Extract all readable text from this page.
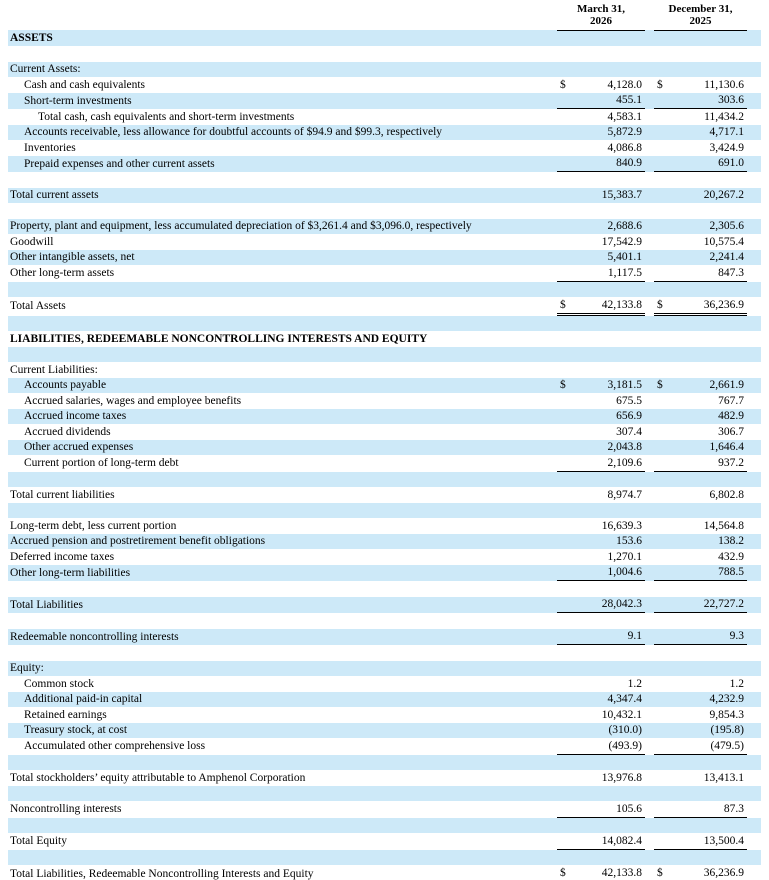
March 31,
2026

December 31,
2025

ASSETS				

Current Assets:				
Cash and cash equivalents	$ 4,128.0		$ 11,130.6	
Short-term investments	455.1		303.6	
Total cash, cash equivalents and short-term investments	4,583.1		11,434.2	
Accounts receivable, less allowance for doubtful accounts of $94.9 and $99.3, respectively	5,872.9		4,717.1	
Inventories	4,086.8		3,424.9	
Prepaid expenses and other current assets	840.9		691.0	

Total current assets	15,383.7		20,267.2	

Property, plant and equipment, less accumulated depreciation of $3,261.4 and $3,096.0, respectively	2,688.6		2,305.6	
Goodwill	17,542.9		10,575.4	
Other intangible assets, net	5,401.1		2,241.4	
Other long-term assets	1,117.5		847.3	

Total Assets	$ 42,133.8		$ 36,236.9	

LIABILITIES, REDEEMABLE NONCONTROLLING INTERESTS AND EQUITY				

Current Liabilities:				
Accounts payable	$ 3,181.5		$ 2,661.9	
Accrued salaries, wages and employee benefits	675.5		767.7	
Accrued income taxes	656.9		482.9	
Accrued dividends	307.4		306.7	
Other accrued expenses	2,043.8		1,646.4	
Current portion of long-term debt	2,109.6		937.2	

Total current liabilities	8,974.7		6,802.8	

Long-term debt, less current portion	16,639.3		14,564.8	
Accrued pension and postretirement benefit obligations	153.6		138.2	
Deferred income taxes	1,270.1		432.9	
Other long-term liabilities	1,004.6		788.5	

Total Liabilities	28,042.3		22,727.2	

Redeemable noncontrolling interests	9.1		9.3	

Equity:				
Common stock	1.2		1.2	
Additional paid-in capital	4,347.4		4,232.9	
Retained earnings	10,432.1		9,854.3	
Treasury stock, at cost	(310.0)		(195.8)	
Accumulated other comprehensive loss	(493.9)		(479.5)	

Total stockholders’ equity attributable to Amphenol Corporation	13,976.8		13,413.1	

Noncontrolling interests	105.6		87.3	

Total Equity	14,082.4		13,500.4	

Total Liabilities, Redeemable Noncontrolling Interests and Equity	$ 42,133.8		$ 36,236.9	
